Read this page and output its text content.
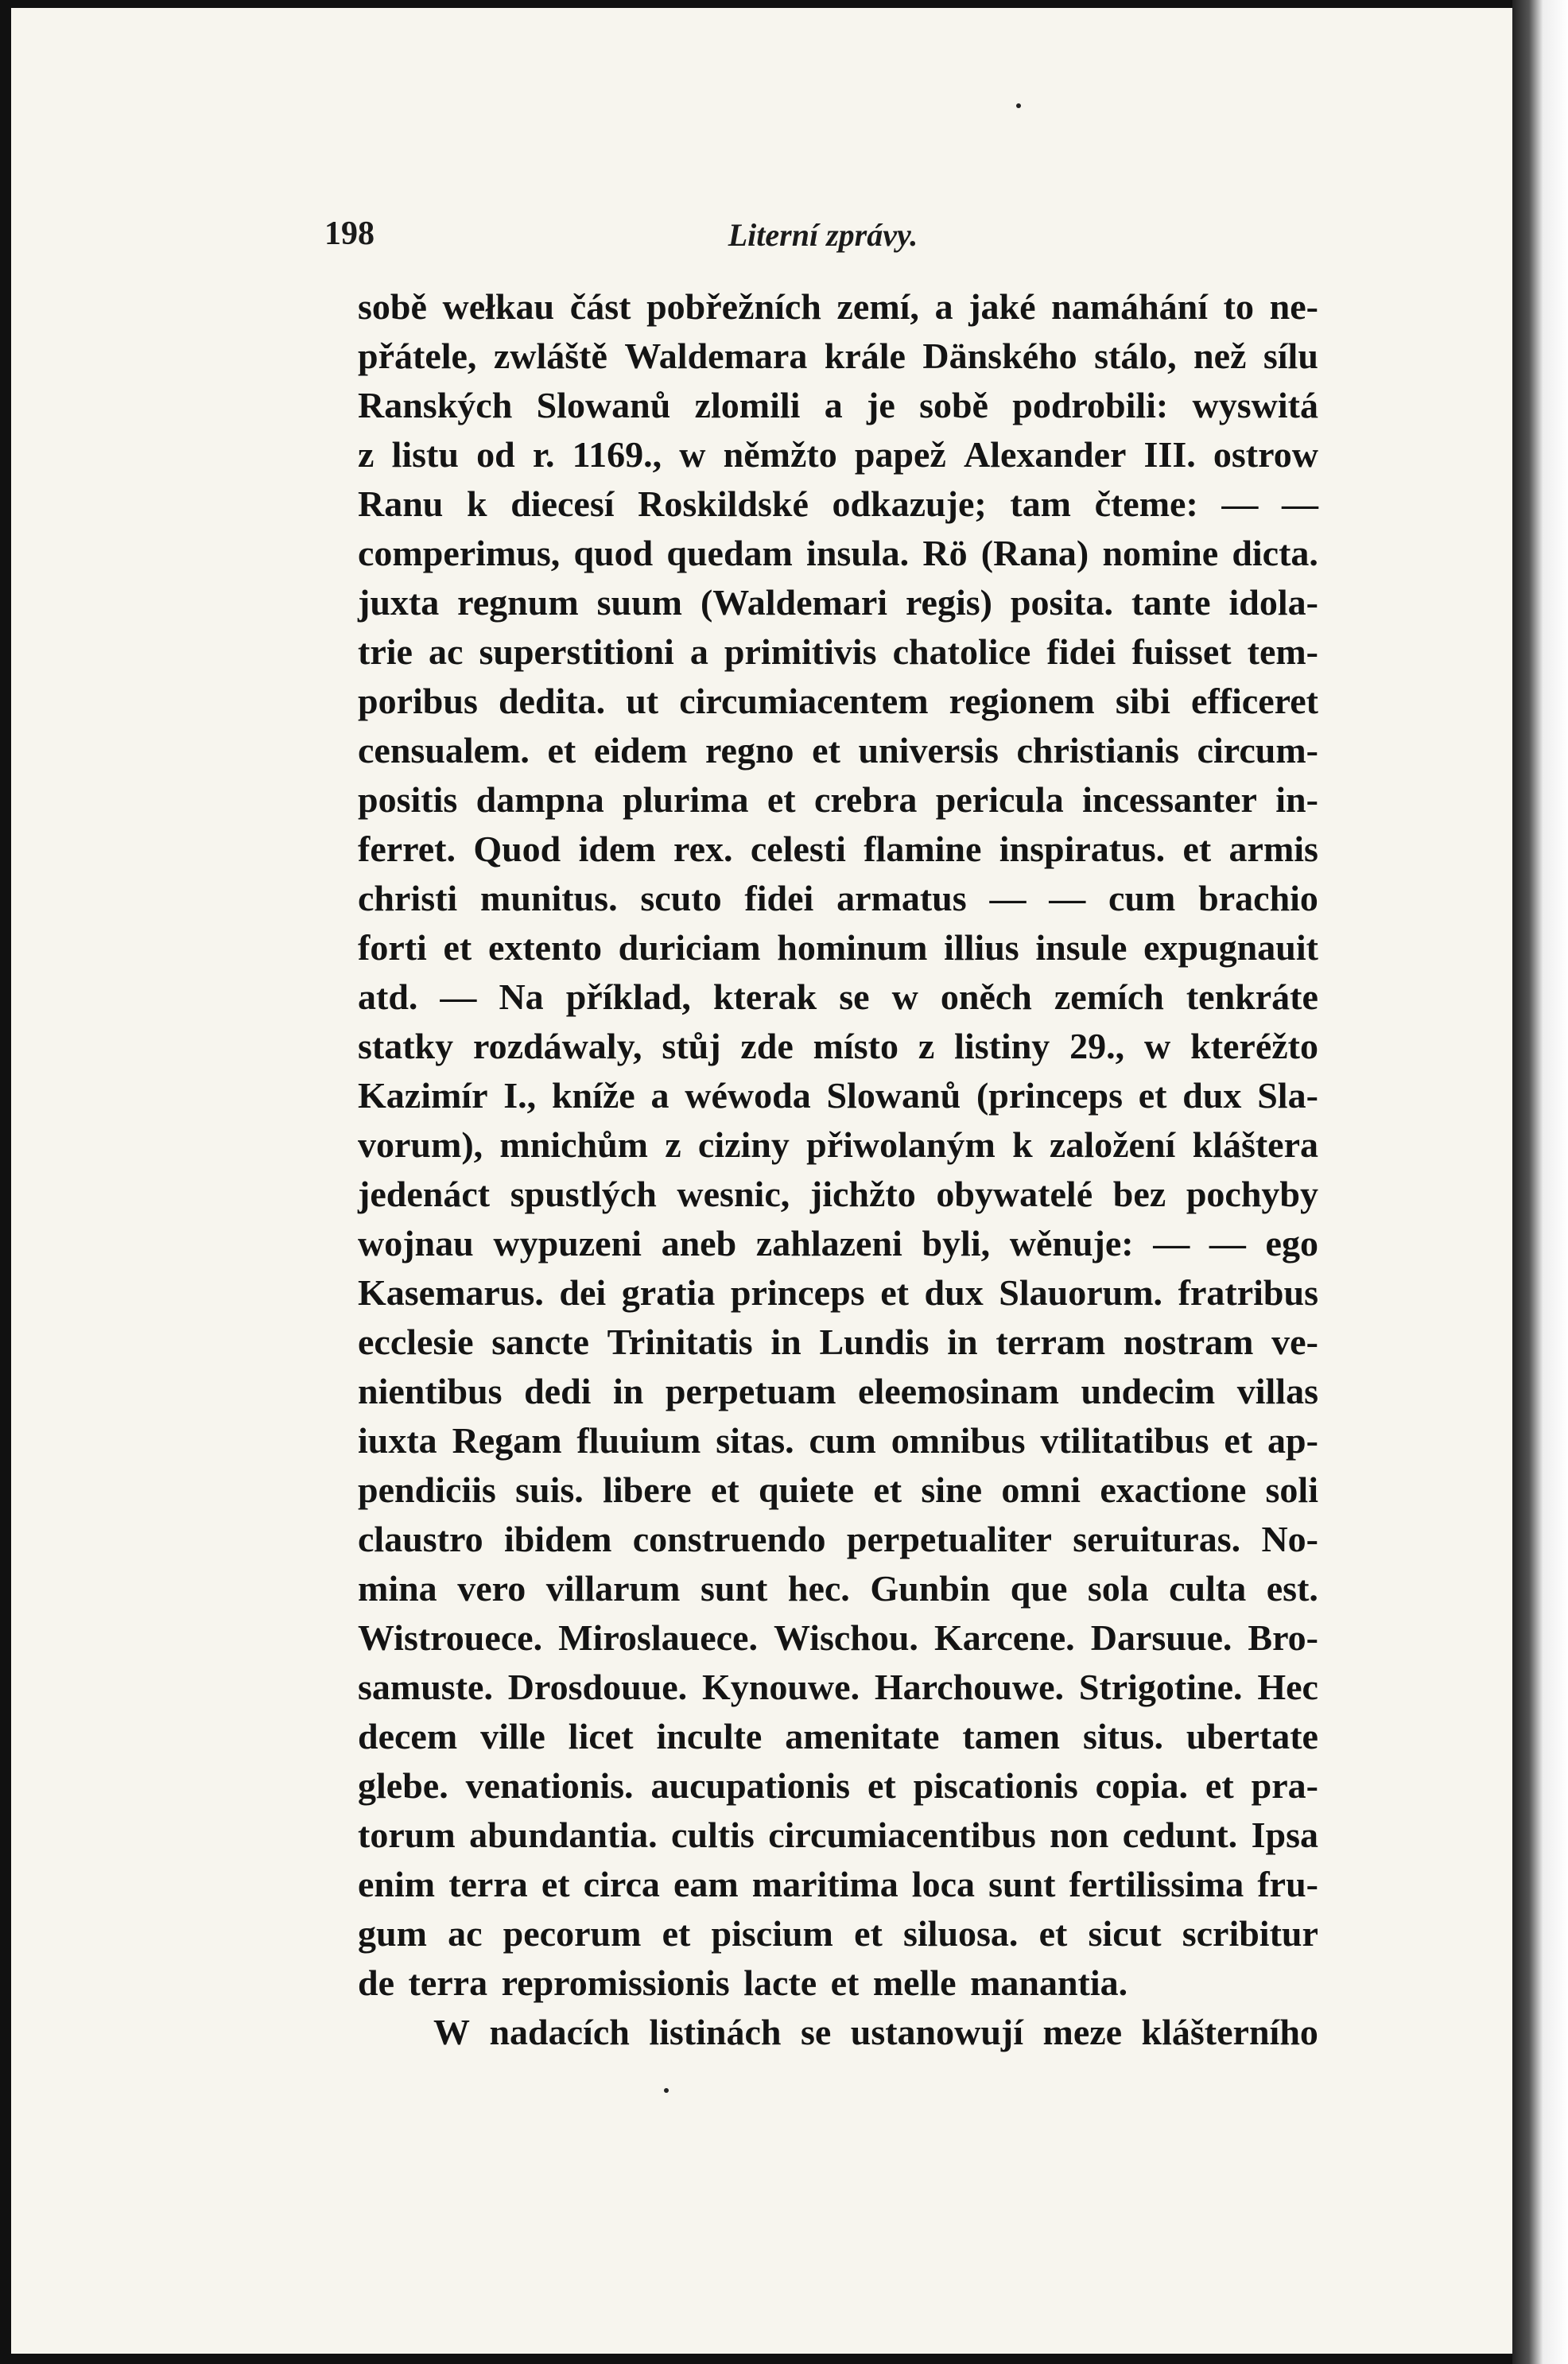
198	Literní zprávy.
sobě wełkau část pobřežních zemí, a jaké namáhání to ne-
přátele, zwláště Waldemara krále Dänského stálo, než sílu
Ranských Slowanů zlomili a je sobě podrobili: wyswitá
z listu od r. 1169., w němžto papež Alexander III. ostrow
Ranu k diecesí Roskildské odkazuje; tam čteme: — —
comperimus, quod quedam insula. Rö (Rana) nomine dicta.
juxta regnum suum (Waldemari regis) posita. tante idola-
trie ac superstitioni a primitivis chatolice fidei fuisset tem-
poribus dedita. ut circumiacentem regionem sibi efficeret
censualem. et eidem regno et universis christianis circum-
positis dampna plurima et crebra pericula incessanter in-
ferret. Quod idem rex. celesti flamine inspiratus. et armis
christi munitus. scuto fidei armatus — — cum brachio
forti et extento duriciam hominum illius insule expugnauit
atd. — Na příklad, kterak se w oněch zemích tenkráte
statky rozdáwaly, stůj zde místo z listiny 29., w kteréžto
Kazimír I., kníže a wéwoda Slowanů (princeps et dux Sla-
vorum), mnichům z ciziny přiwolaným k založení kláštera
jedenáct spustlých wesnic, jichžto obywatelé bez pochyby
wojnau wypuzeni aneb zahlazeni byli, wěnuje: — — ego
Kasemarus. dei gratia princeps et dux Slauorum. fratribus
ecclesie sancte Trinitatis in Lundis in terram nostram ve-
nientibus dedi in perpetuam eleemosinam undecim villas
iuxta Regam fluuium sitas. cum omnibus vtilitatibus et ap-
pendiciis suis. libere et quiete et sine omni exactione soli
claustro ibidem construendo perpetualiter seruituras. No-
mina vero villarum sunt hec. Gunbin que sola culta est.
Wistrouece. Miroslauece. Wischou. Karcene. Darsuue. Bro-
samuste. Drosdouue. Kynouwe. Harchouwe. Strigotine. Hec
decem ville licet inculte amenitate tamen situs. ubertate
glebe. venationis. aucupationis et piscationis copia. et pra-
torum abundantia. cultis circumiacentibus non cedunt. Ipsa
enim terra et circa eam maritima loca sunt fertilissima fru-
gum ac pecorum et piscium et siluosa. et sicut scribitur
de terra repromissionis lacte et melle manantia.
W nadacích listinách se ustanowují meze klášterního
